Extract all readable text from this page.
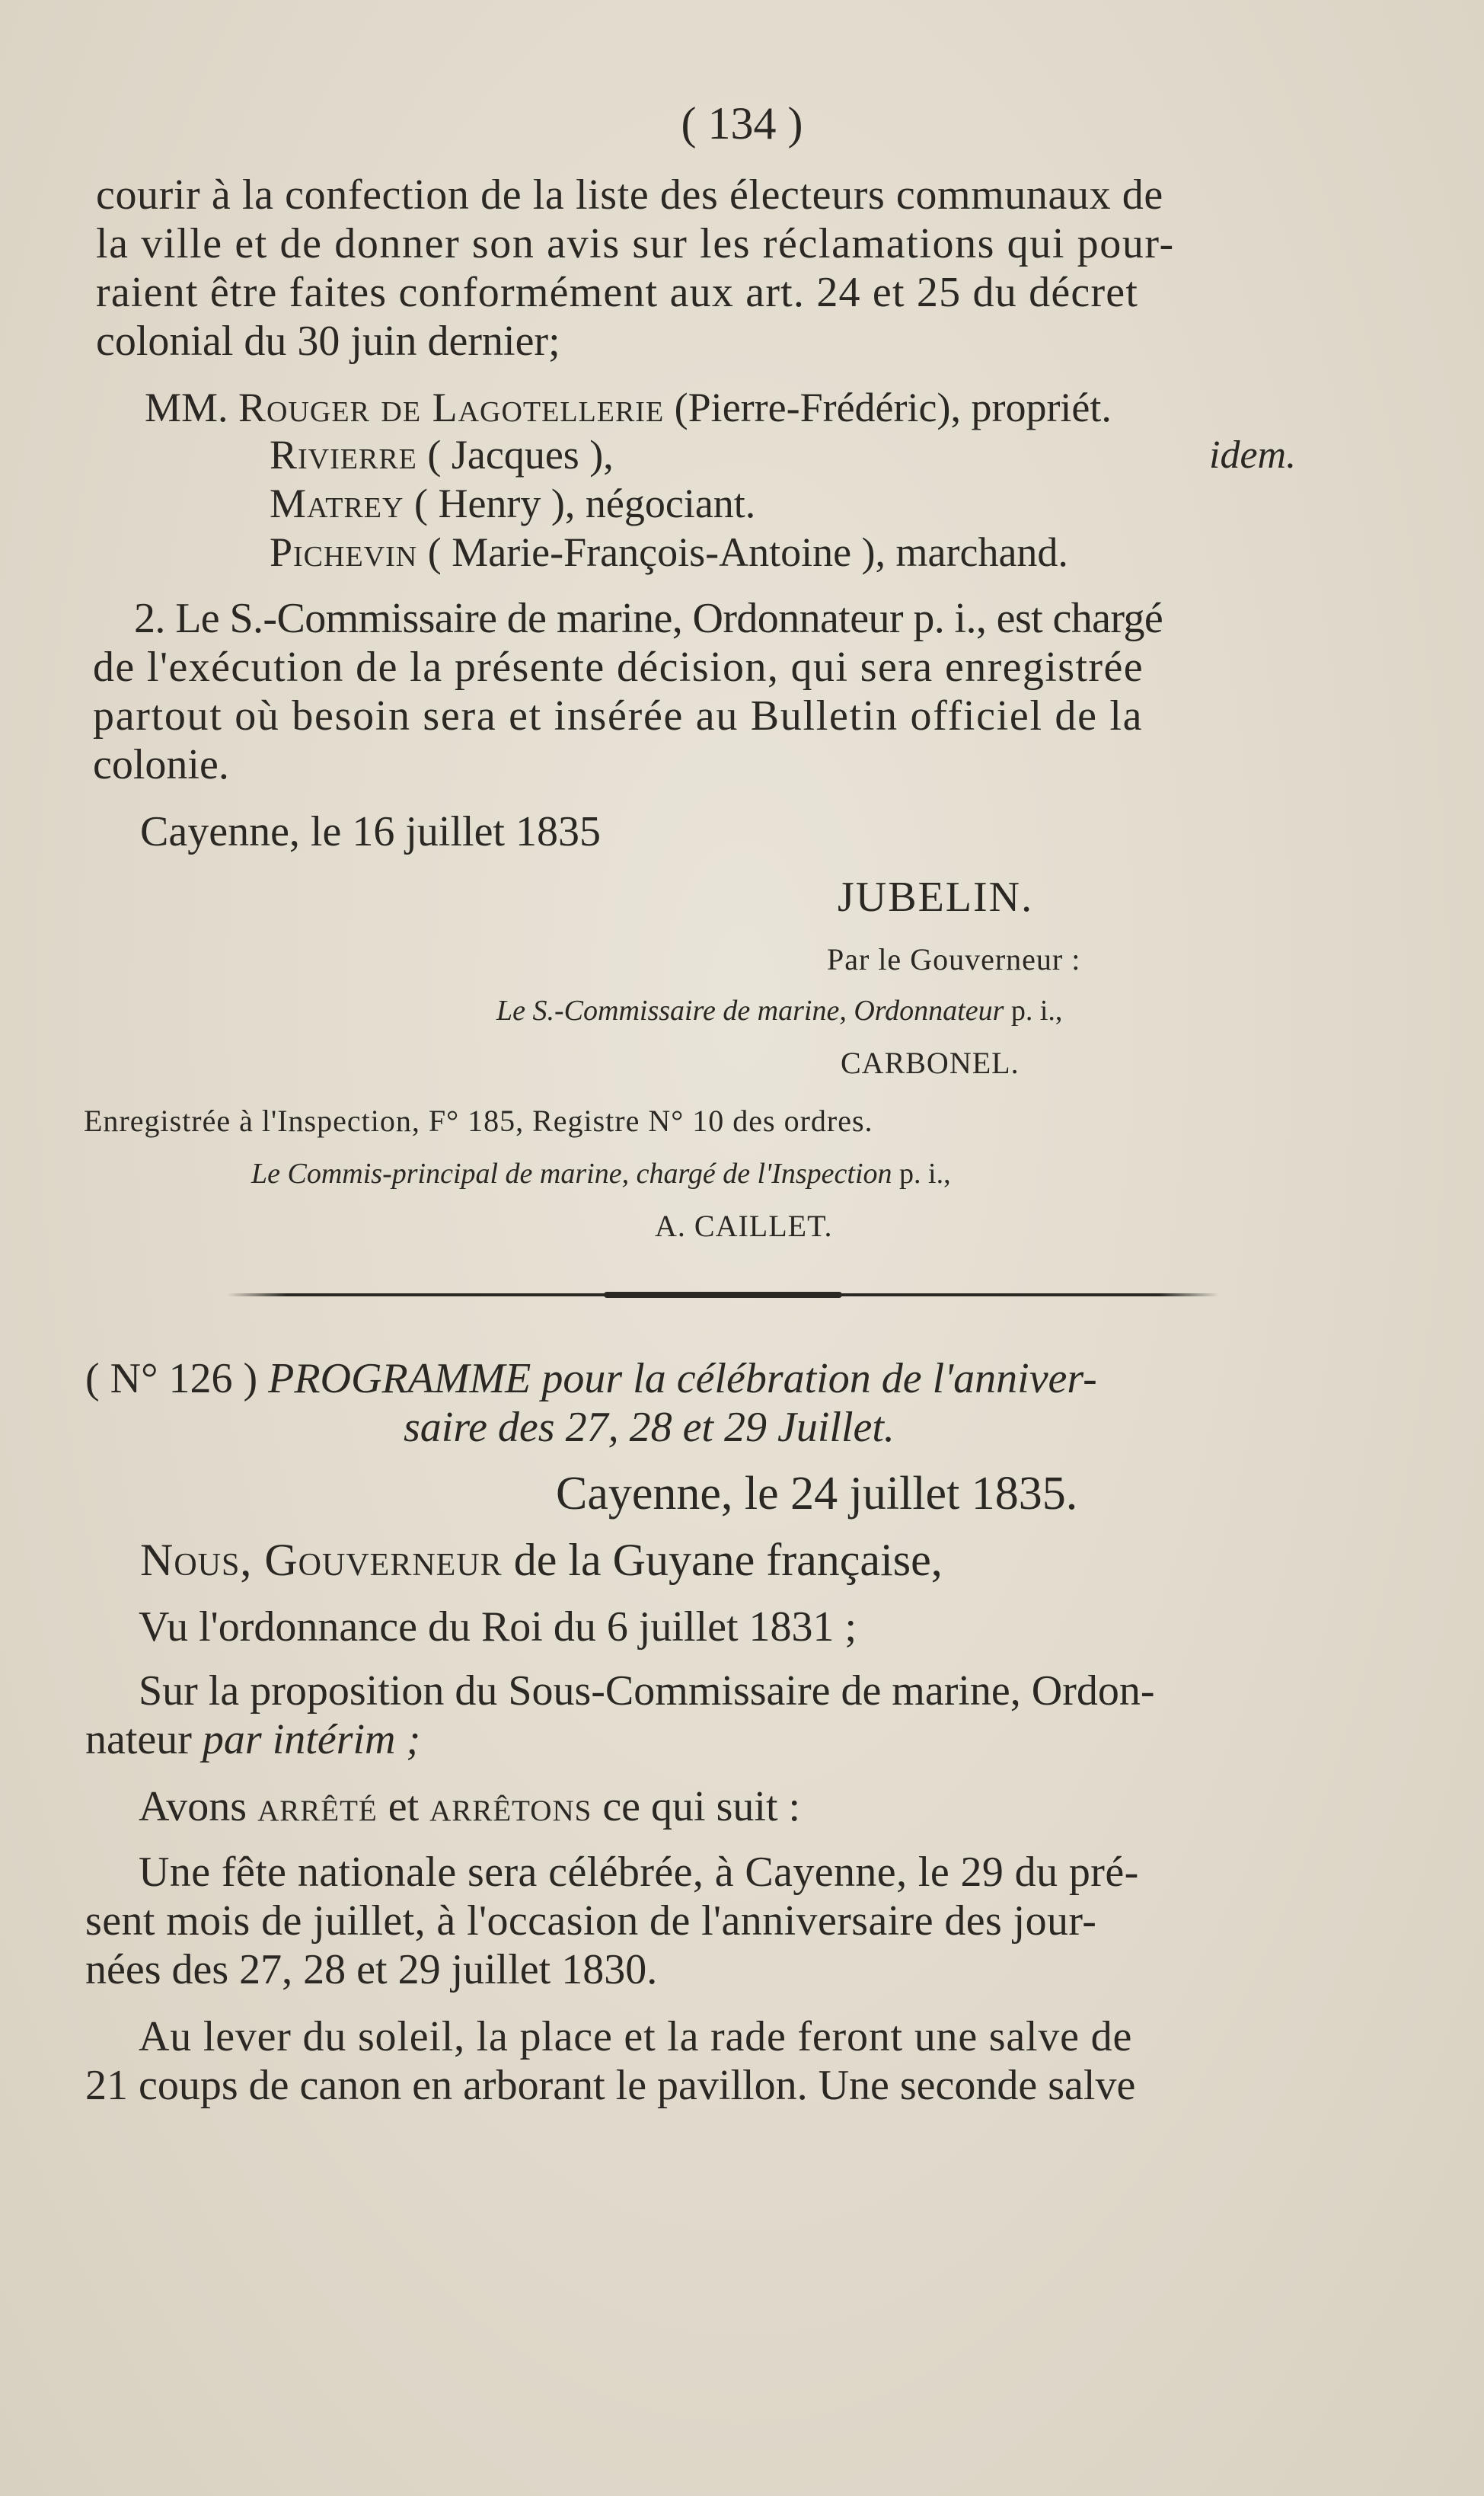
( 134 )
courir à la confection de la liste des électeurs communaux de
la ville et de donner son avis sur les réclamations qui pour-
raient être faites conformément aux art. 24 et 25 du décret
colonial du 30 juin dernier;
MM. Rouger de Lagotellerie (Pierre-Frédéric), propriét.
Rivierre ( Jacques ),	idem.
Matrey ( Henry ), négociant.
Pichevin ( Marie-François-Antoine ), marchand.
2. Le S.-Commissaire de marine, Ordonnateur p. i., est chargé
de l'exécution de la présente décision, qui sera enregistrée
partout où besoin sera et insérée au Bulletin officiel de la
colonie.
Cayenne, le 16 juillet 1835
JUBELIN.
Par le Gouverneur :
Le S.-Commissaire de marine, Ordonnateur p. i.,
CARBONEL.
Enregistrée à l'Inspection, F° 185, Registre N° 10 des ordres.
Le Commis-principal de marine, chargé de l'Inspection p. i.,
A. CAILLET.
( N° 126 ) PROGRAMME pour la célébration de l'anniver-
saire des 27, 28 et 29 Juillet.
Cayenne, le 24 juillet 1835.
Nous, Gouverneur de la Guyane française,
Vu l'ordonnance du Roi du 6 juillet 1831 ;
Sur la proposition du Sous-Commissaire de marine, Ordon-
nateur par intérim ;
Avons arrêté et arrêtons ce qui suit :
Une fête nationale sera célébrée, à Cayenne, le 29 du pré-
sent mois de juillet, à l'occasion de l'anniversaire des jour-
nées des 27, 28 et 29 juillet 1830.
Au lever du soleil, la place et la rade feront une salve de
21 coups de canon en arborant le pavillon. Une seconde salve
